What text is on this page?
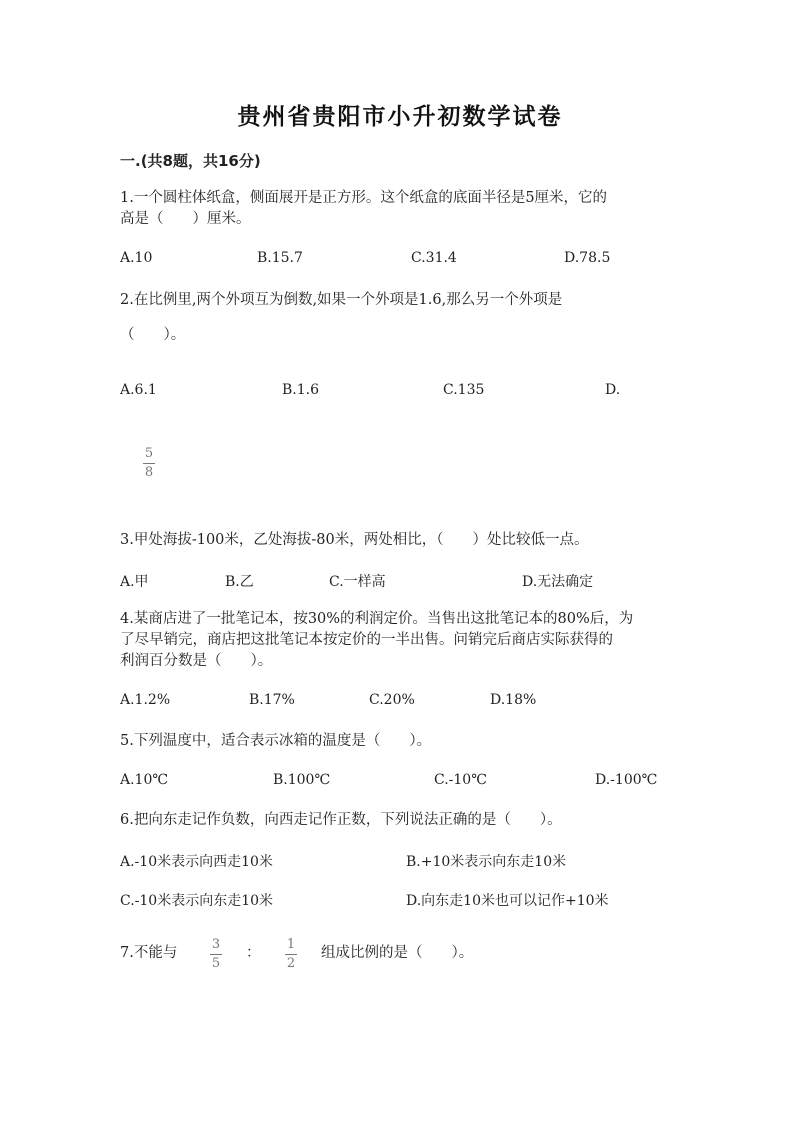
贵州省贵阳市小升初数学试卷
一.(共8题，共16分)
1.一个圆柱体纸盒，侧面展开是正方形。这个纸盒的底面半径是5厘米，它的
高是（　　）厘米。
A.10	B.15.7	C.31.4	D.78.5
2.在比例里,两个外项互为倒数,如果一个外项是1.6,那么另一个外项是
（　　）。
A.6.1	B.1.6	C.135	D.
5
8
3.甲处海拔-100米，乙处海拔-80米，两处相比，（　　）处比较低一点。
A.甲	B.乙	C.一样高	D.无法确定
4.某商店进了一批笔记本，按30%的利润定价。当售出这批笔记本的80%后，为
了尽早销完，商店把这批笔记本按定价的一半出售。问销完后商店实际获得的
利润百分数是（　　）。
A.1.2%	B.17%	C.20%	D.18%
5.下列温度中，适合表示冰箱的温度是（　　）。
A.10℃	B.100℃	C.-10℃	D.-100℃
6.把向东走记作负数，向西走记作正数，下列说法正确的是（　　）。
A.-10米表示向西走10米	B.+10米表示向东走10米
C.-10米表示向东走10米	D.向东走10米也可以记作+10米
7.不能与
3
5
：
1
2
组成比例的是（　　）。
